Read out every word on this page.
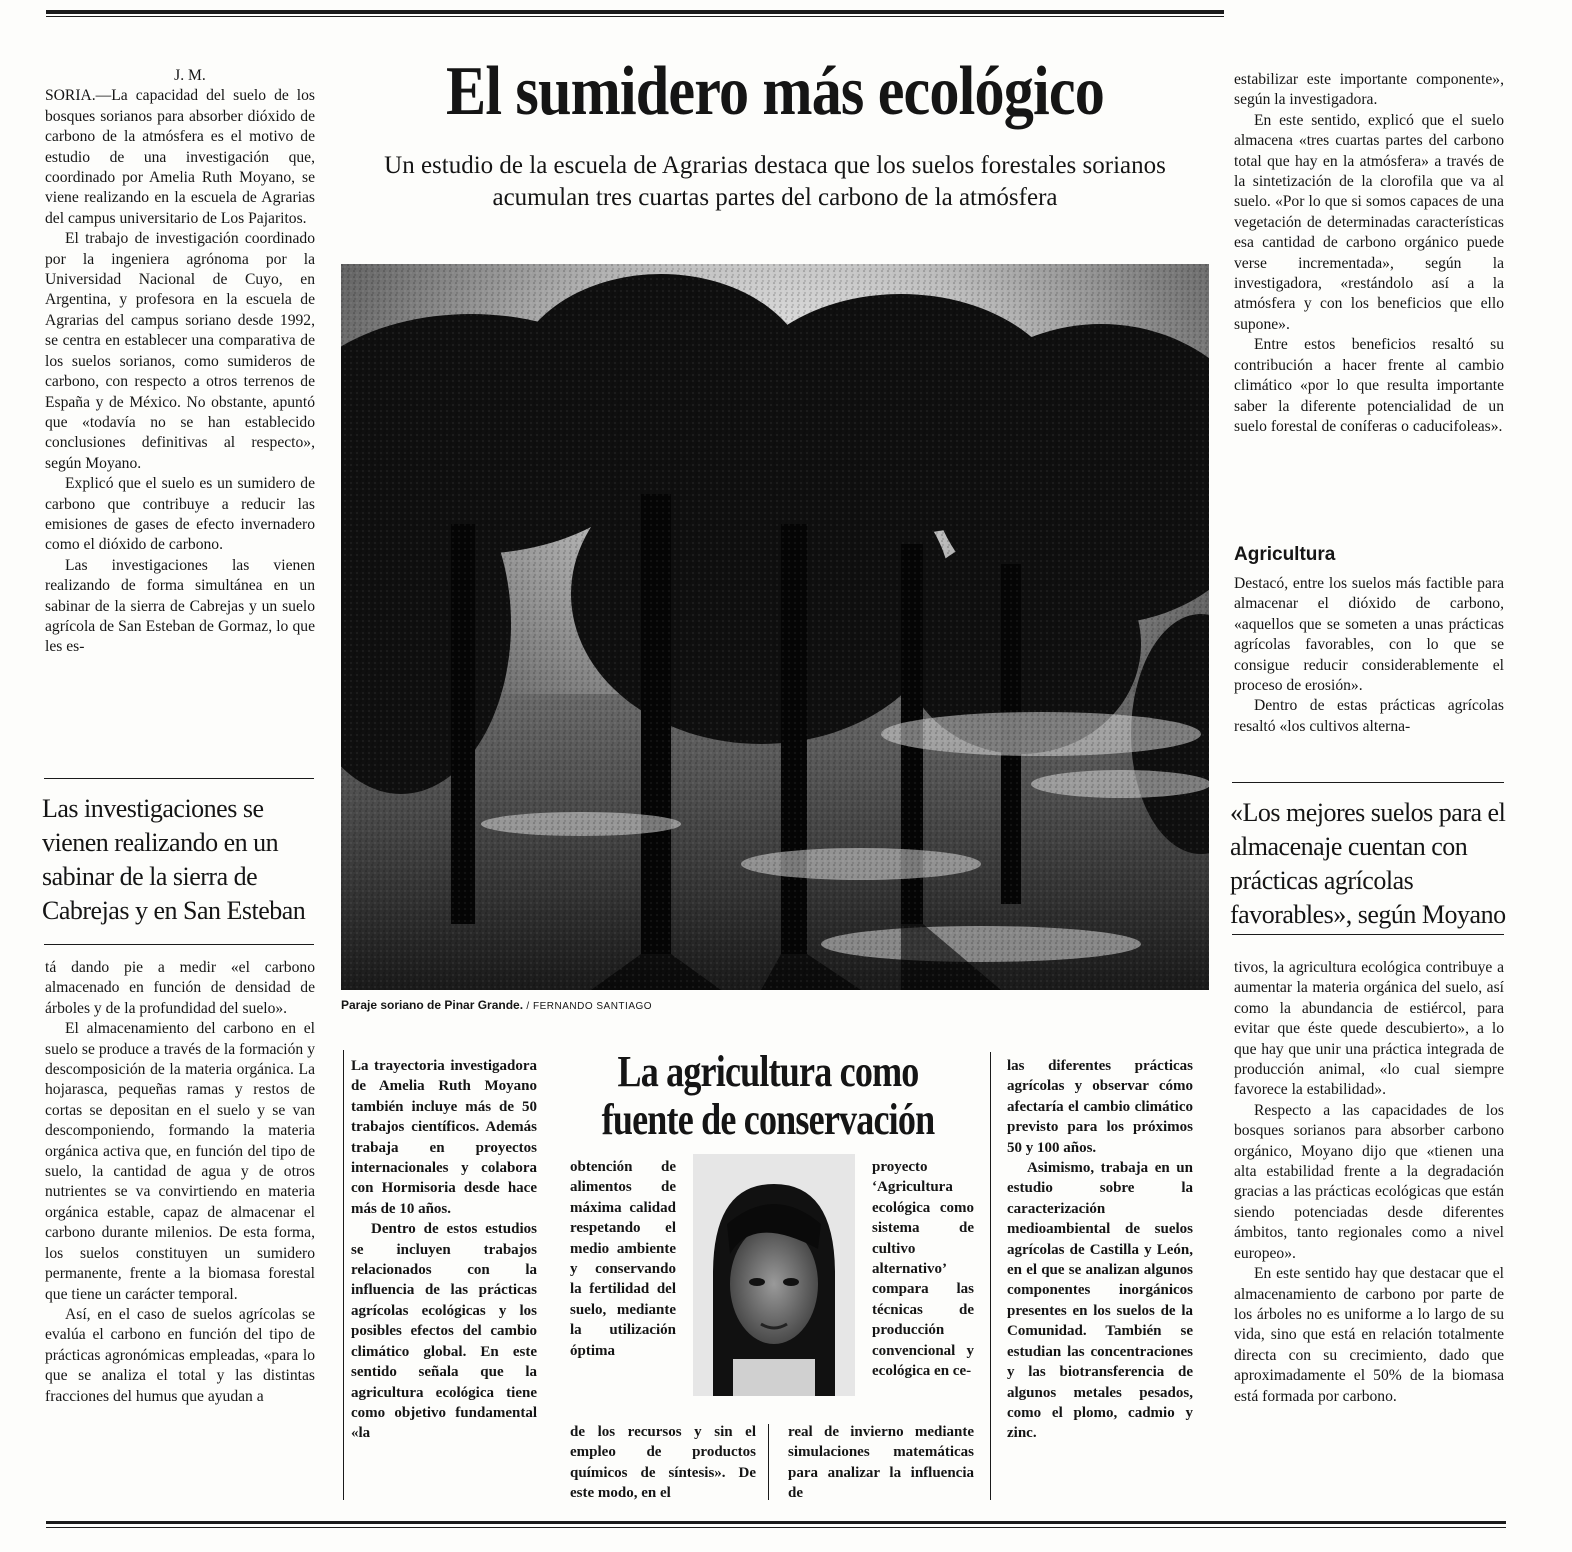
J. M.

SORIA.—La capacidad del suelo de los bosques sorianos para absorber dióxido de carbono de la atmósfera es el motivo de estudio de una investigación que, coordinado por Amelia Ruth Moyano, se viene realizando en la escuela de Agrarias del campus universitario de Los Pajaritos.

El trabajo de investigación coordinado por la ingeniera agrónoma por la Universidad Nacional de Cuyo, en Argentina, y profesora en la escuela de Agrarias del campus soriano desde 1992, se centra en establecer una comparativa de los suelos sorianos, como sumideros de carbono, con respecto a otros terrenos de España y de México. No obstante, apuntó que «todavía no se han establecido conclusiones definitivas al respecto», según Moyano.

Explicó que el suelo es un sumidero de carbono que contribuye a reducir las emisiones de gases de efecto invernadero como el dióxido de carbono.

Las investigaciones las vienen realizando de forma simultánea en un sabinar de la sierra de Cabrejas y un suelo agrícola de San Esteban de Gormaz, lo que les es-

Las investigaciones se vienen realizando en un sabinar de la sierra de Cabrejas y en San Esteban

tá dando pie a medir «el carbono almacenado en función de densidad de árboles y de la profundidad del suelo».

El almacenamiento del carbono en el suelo se produce a través de la formación y descomposición de la materia orgánica. La hojarasca, pequeñas ramas y restos de cortas se depositan en el suelo y se van descomponiendo, formando la materia orgánica activa que, en función del tipo de suelo, la cantidad de agua y de otros nutrientes se va convirtiendo en materia orgánica estable, capaz de almacenar el carbono durante milenios. De esta forma, los suelos constituyen un sumidero permanente, frente a la biomasa forestal que tiene un carácter temporal.

Así, en el caso de suelos agrícolas se evalúa el carbono en función del tipo de prácticas agronómicas empleadas, «para lo que se analiza el total y las distintas fracciones del humus que ayudan a

El sumidero más ecológico
Un estudio de la escuela de Agrarias destaca que los suelos forestales sorianos acumulan tres cuartas partes del carbono de la atmósfera
Paraje soriano de Pinar Grande. / FERNANDO SANTIAGO

estabilizar este importante componente», según la investigadora.

En este sentido, explicó que el suelo almacena «tres cuartas partes del carbono total que hay en la atmósfera» a través de la sintetización de la clorofila que va al suelo. «Por lo que si somos capaces de una vegetación de determinadas características esa cantidad de carbono orgánico puede verse incrementada», según la investigadora, «restándolo así a la atmósfera y con los beneficios que ello supone».

Entre estos beneficios resaltó su contribución a hacer frente al cambio climático «por lo que resulta importante saber la diferente potencialidad de un suelo forestal de coníferas o caducifoleas».

Agricultura

Destacó, entre los suelos más factible para almacenar el dióxido de carbono, «aquellos que se someten a unas prácticas agrícolas favorables, con lo que se consigue reducir considerablemente el proceso de erosión».

Dentro de estas prácticas agrícolas resaltó «los cultivos alterna-

«Los mejores suelos para el almacenaje cuentan con prácticas agrícolas favorables», según Moyano

tivos, la agricultura ecológica contribuye a aumentar la materia orgánica del suelo, así como la abundancia de estiércol, para evitar que éste quede descubierto», a lo que hay que unir una práctica integrada de producción animal, «lo cual siempre favorece la estabilidad».

Respecto a las capacidades de los bosques sorianos para absorber carbono orgánico, Moyano dijo que «tienen una alta estabilidad frente a la degradación gracias a las prácticas ecológicas que están siendo potenciadas desde diferentes ámbitos, tanto regionales como a nivel europeo».

En este sentido hay que destacar que el almacenamiento de carbono por parte de los árboles no es uniforme a lo largo de su vida, sino que está en relación totalmente directa con su crecimiento, dado que aproximadamente el 50% de la biomasa está formada por carbono.

La trayectoria investigadora de Amelia Ruth Moyano también incluye más de 50 trabajos científicos. Además trabaja en proyectos internacionales y colabora con Hormisoria desde hace más de 10 años.

Dentro de estos estudios se incluyen trabajos relacionados con la influencia de las prácticas agrícolas ecológicas y los posibles efectos del cambio climático global. En este sentido señala que la agricultura ecológica tiene como objetivo fundamental «la

La agricultura como
fuente de conservación

obtención de alimentos de máxima calidad respetando el medio ambiente y conservando la fertilidad del suelo, mediante la utilización óptima

proyecto ‘Agricultura ecológica como sistema de cultivo alternativo’ compara las técnicas de producción convencional y ecológica en ce-

de los recursos y sin el empleo de productos químicos de síntesis». De este modo, en el

real de invierno mediante simulaciones matemáticas para analizar la influencia de

las diferentes prácticas agrícolas y observar cómo afectaría el cambio climático previsto para los próximos 50 y 100 años.

Asimismo, trabaja en un estudio sobre la caracterización medioambiental de suelos agrícolas de Castilla y León, en el que se analizan algunos componentes inorgánicos presentes en los suelos de la Comunidad. También se estudian las concentraciones y las biotransferencia de algunos metales pesados, como el plomo, cadmio y zinc.
